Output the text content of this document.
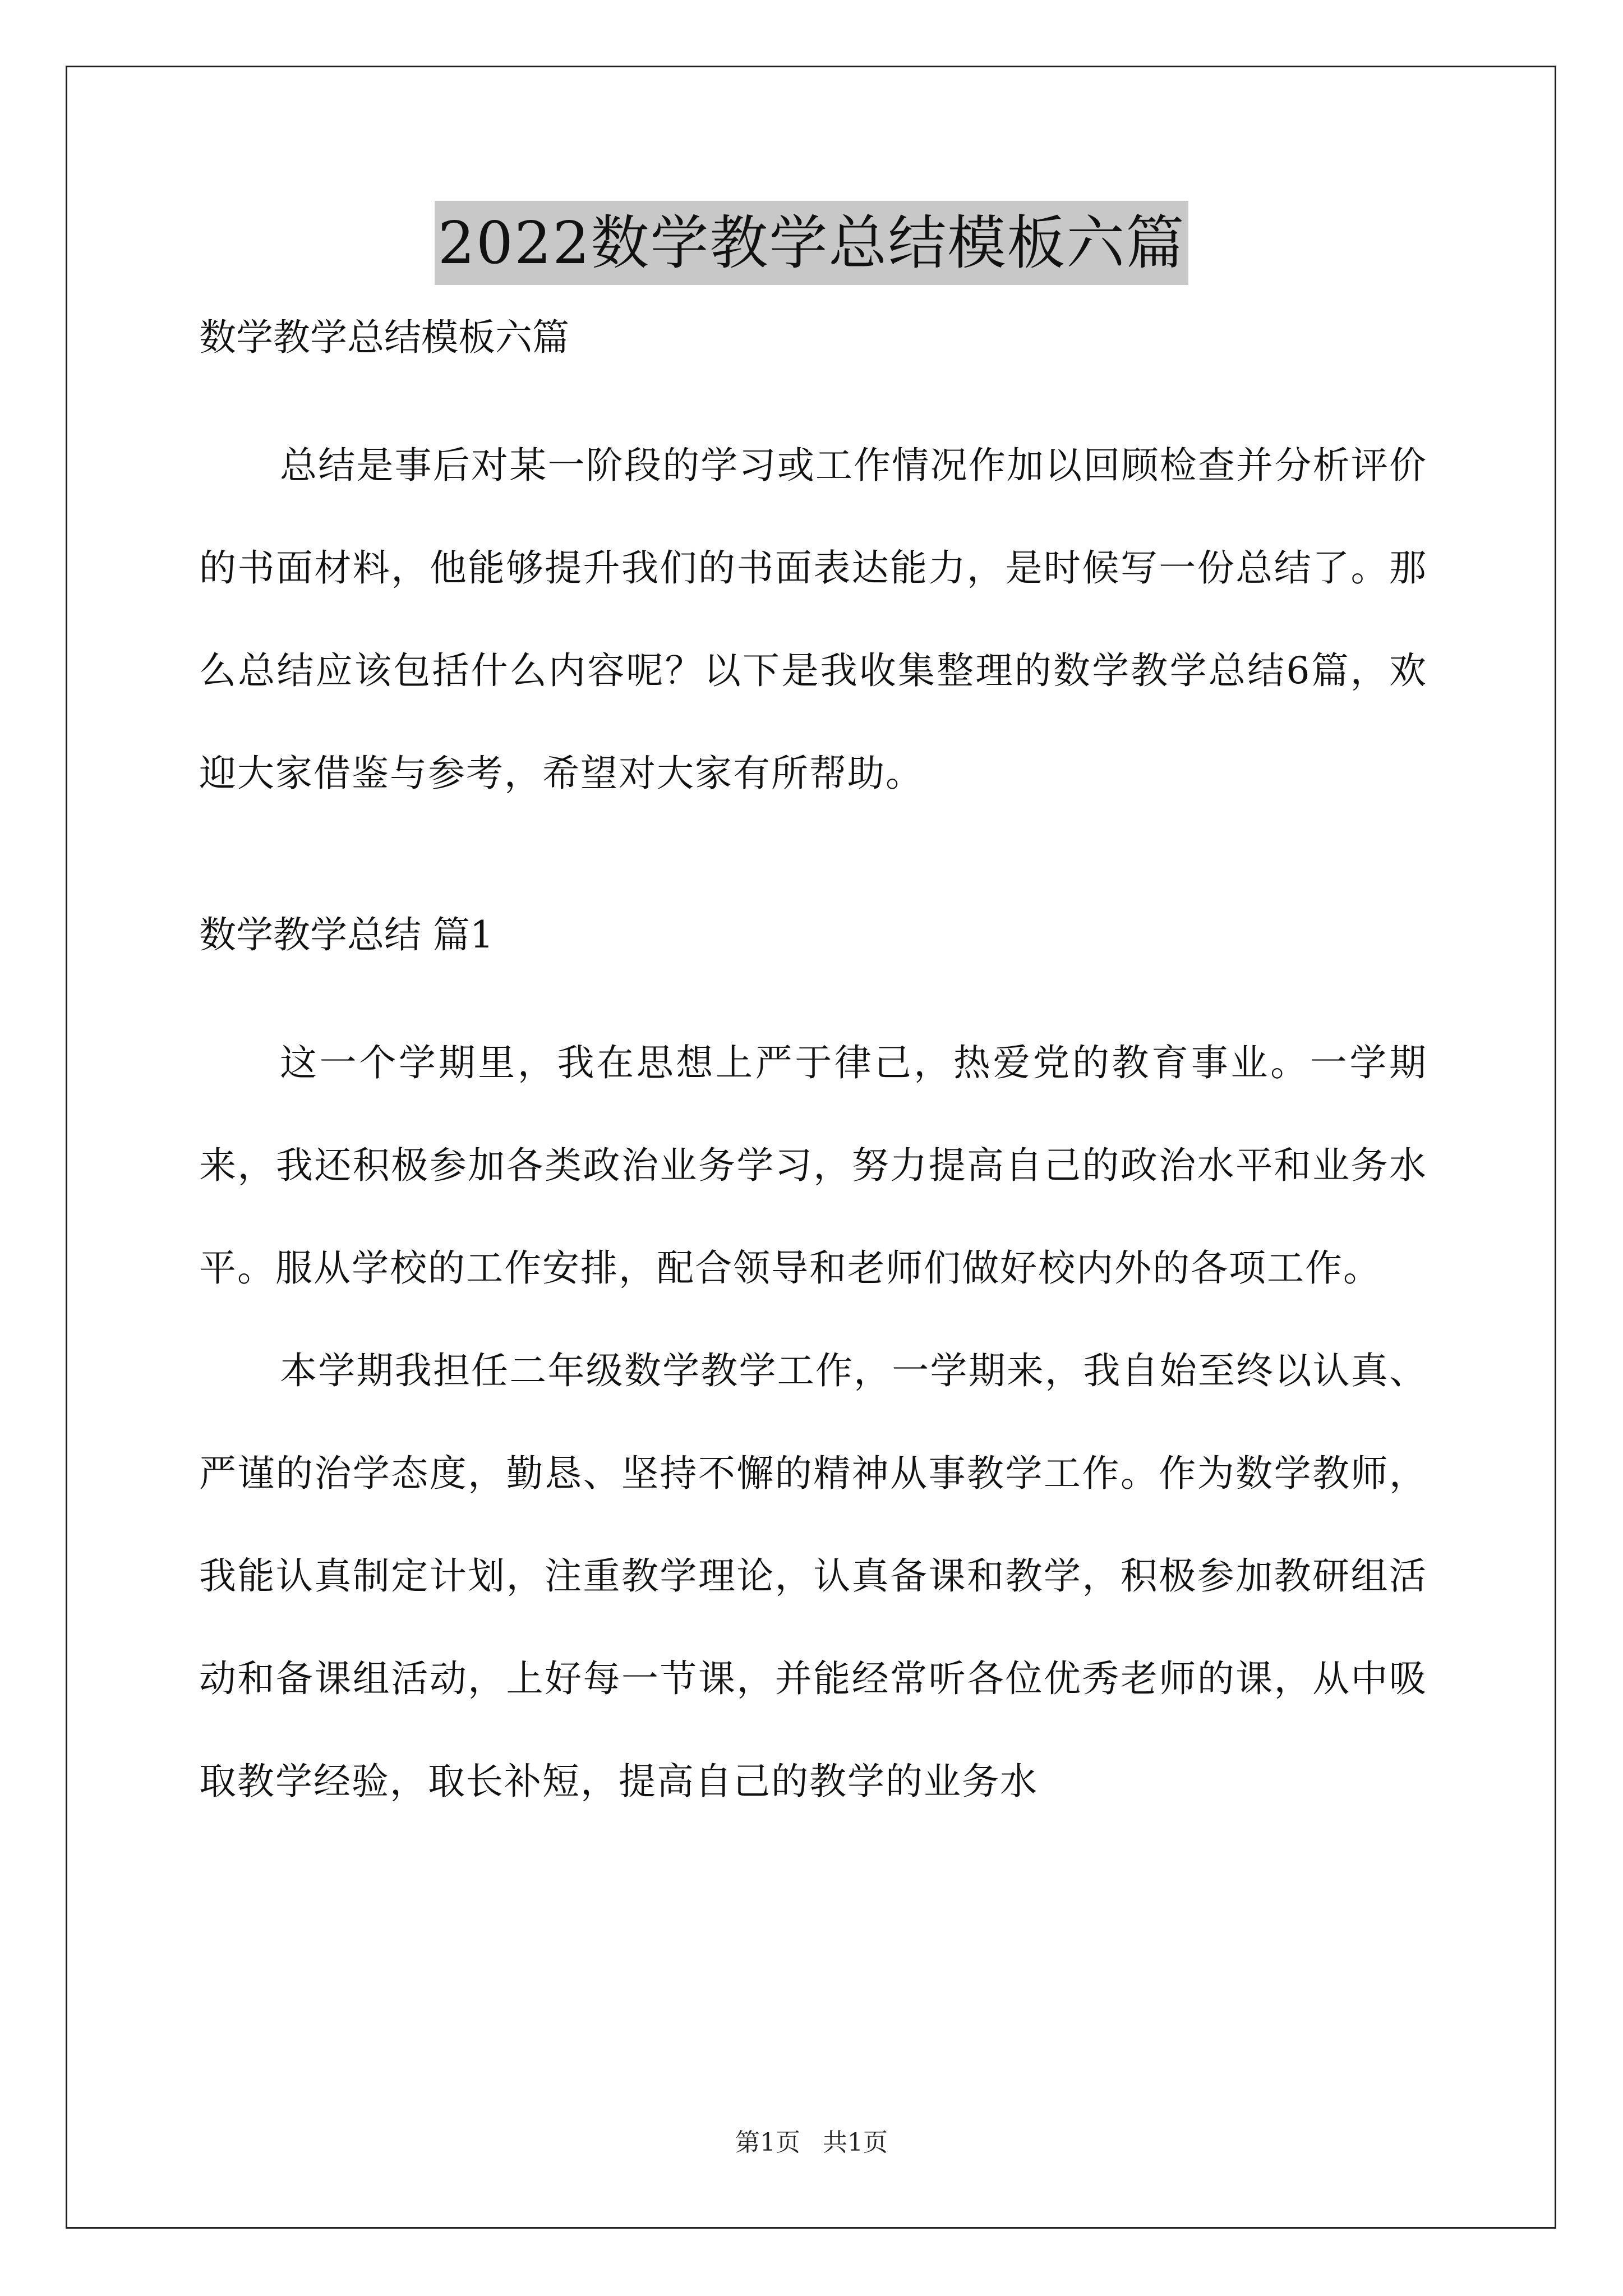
2022数学教学总结模板六篇

数学教学总结模板六篇

总结是事后对某一阶段的学习或工作情况作加以回顾检查并分析评价的书面材料，他能够提升我们的书面表达能力，是时候写一份总结了。那么总结应该包括什么内容呢？以下是我收集整理的数学教学总结6篇，欢迎大家借鉴与参考，希望对大家有所帮助。

数学教学总结 篇1

这一个学期里，我在思想上严于律己，热爱党的教育事业。一学期来，我还积极参加各类政治业务学习，努力提高自己的政治水平和业务水平。服从学校的工作安排，配合领导和老师们做好校内外的各项工作。

本学期我担任二年级数学教学工作，一学期来，我自始至终以认真、严谨的治学态度，勤恳、坚持不懈的精神从事教学工作。作为数学教师，我能认真制定计划，注重教学理论，认真备课和教学，积极参加教研组活动和备课组活动，上好每一节课，并能经常听各位优秀老师的课，从中吸取教学经验，取长补短，提高自己的教学的业务水

第1页 共1页
